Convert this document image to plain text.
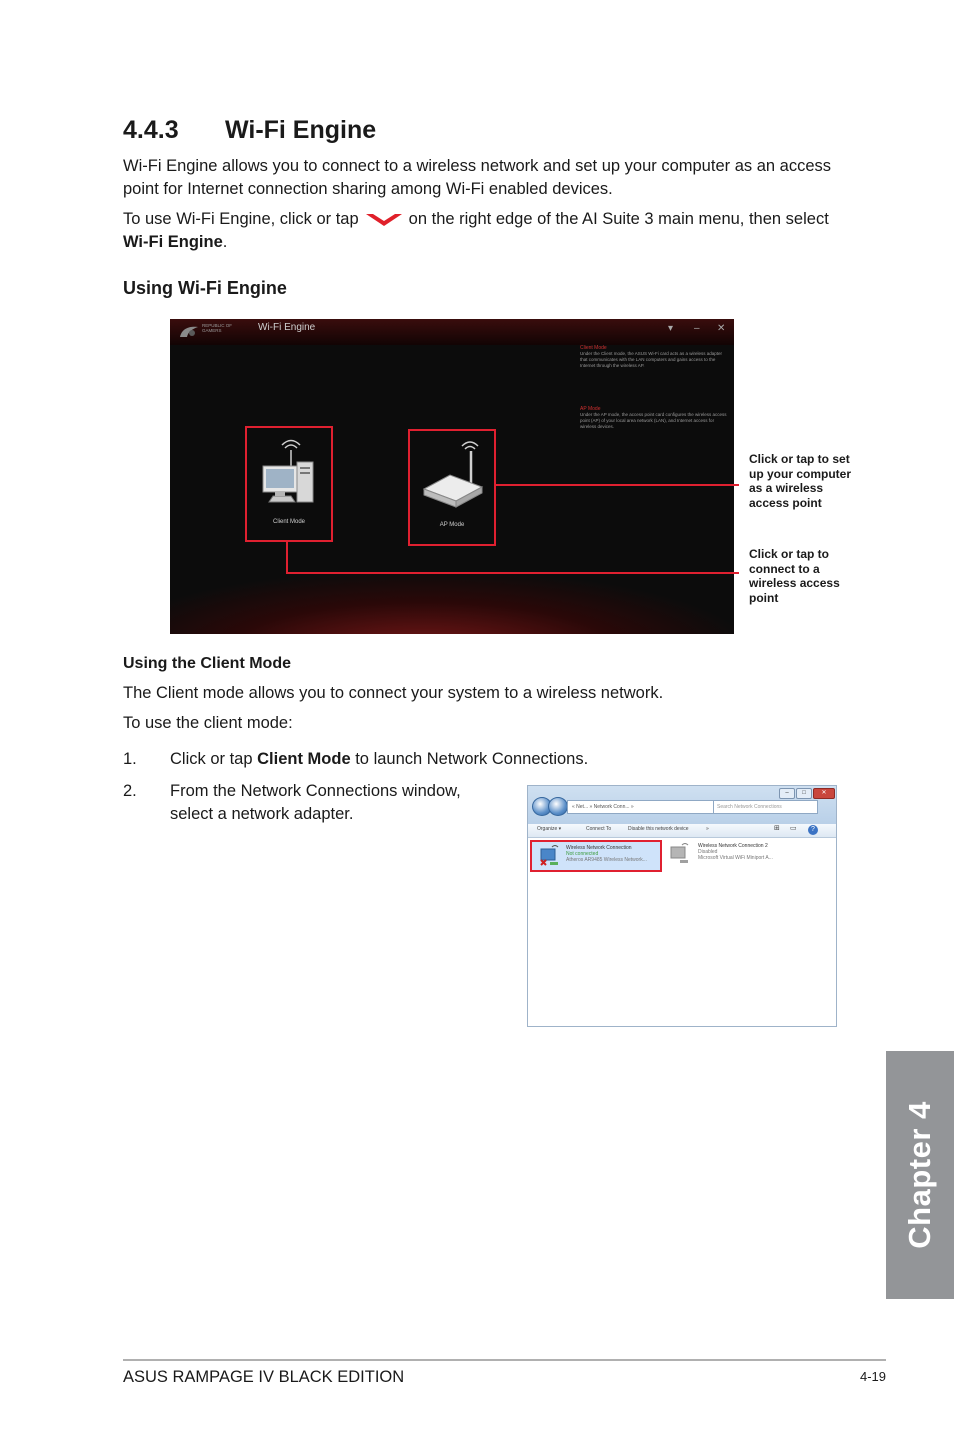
4.4.3 Wi-Fi Engine

Wi-Fi Engine allows you to connect to a wireless network and set up your computer as an access point for Internet connection sharing among Wi-Fi enabled devices.

To use Wi-Fi Engine, click or tap	on the right edge of the AI Suite 3 main menu, then select Wi-Fi Engine.

Using Wi-Fi Engine
REPUBLIC OF GAMERS	Wi-Fi Engine	▾ – ✕
Client Mode
Under the Client mode, the ASUS Wi-Fi card acts as a wireless adapter that communicates with the LAN computers and gains access to the Internet through the wireless AP.
AP Mode
Under the AP mode, the access point card configures the wireless access point (AP) of your local area network (LAN), and Internet access for wireless devices.
Client Mode	AP Mode
Click or tap to set up your computer as a wireless access point
Click or tap to connect to a wireless access point
Using the Client Mode

The Client mode allows you to connect your system to a wireless network.

To use the client mode:

1. Click or tap Client Mode to launch Network Connections.
2. From the Network Connections window,
select a network adapter.
–	□	✕
« Net... » Network Conn... »	Search Network Connections
Organize ▾	Connect To	Disable this network device	»	⊞ ▭	?
Wireless Network Connection
Not connected
Atheros AR9485 Wireless Network...
Wireless Network Connection 2
Disabled
Microsoft Virtual WiFi Miniport A...
Chapter 4
ASUS RAMPAGE IV BLACK EDITION	4-19
